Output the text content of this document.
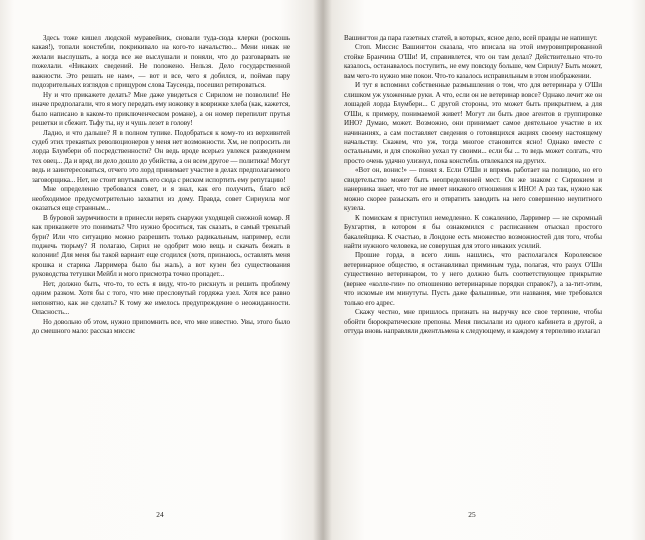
Здесь тоже кишел людской муравейник, сновали туда-сюда клерки (роскошь какая!), топали констебли, покрикивало на кого-то начальство... Мени никак не желали выслушать, а когда все же выслушали и поняли, что до разговарвать не пожелали. «Никаких сведений. Не положено. Нельзя. Дело государственной важности. Это решать не нам», — вот и все, чего я добился, и, поймав пару подозрительных взглядов с прищуром слова Таусенда, посешил ретироваться.

Ну и что прикажете делать? Мне даже увидеться с Сирилом не позволили! Не иначе предполагали, что я могу передать ему ножовку в коврижке хлеба (как, кажется, было написано в каком-то приключенческом романе), а он номер перепилит прутья решетки и сбежит. Тьфу ты, ну и чушь лезет в голову!

Ладно, и что дальше? Я в полном тупике. Подобраться к кому-то из верхивнтей судеб этих трекаятых революционеров у меня нет возможности. Хм, не попросить ли лорда Блумбери об посредственности? Он ведь вроде всерьез увлекся разведением тех овец... Да и вряд ли дело дошло до убийства, а он всем другое — политика! Могут ведь и заинтересоваться, отчего это лорд принимает участие в делах предполагаемого заговорщика... Нет, не стоит впутывать его сюда с риском испортить ему репутацию!

Мне определенно требовался совет, и я знал, как его получить, благо всё необходимое предусмотрительно захватил из дому. Правда, совет Сириуила мог оказаться еще странным...

В буровой заурмчивости в принесли нерять снаружи уходящей снежной комар. Я как приказжете это понимать? Что нужно броситься, так сказать, в самый трекьтый бури? Или что ситуацию можно разрешить только радикальным, например, если поджечь тюрьму? Я полагаю, Сирил не одобрит мою вещь и скачать бежать в колонии! Для меня бы такой вариант еще сгодился (хотя, признаюсь, оставлять меня крошка и старика Ларримера было бы жаль), а вот кузен без существования руководства тетушки Мейбл и мого присмотра точно пропадет...

Нет, должно быть, что-то, то есть я виду, что-то рискнуть и решить проблему одним разком. Хотя бы с того, что мне пресловутый гордяжа узел. Хотя все равно непонятно, как же сделать? К тому же имелось предупреждение о неожиданности. Опасность...

Но довольно об этом, нужно припомнить все, что мне известно. Увы, этого было до смешного мало: рассказ миссис

24

Вашингтон да пара газетных статей, в которых, ясное дело, всей правды не напишут.

Стоп. Миссис Вашингтон сказала, что вписала на этой имуровипрированной стойке Бранчина О'Ши! И, справивлется, что он там делал? Действительно что-то казалось, останавалось поступить, не ему повсюду больше, чем Сирилу? Быть может, вам чего-то нужно мне покои. Что-то казалось исправильным в этом изображении.

И тут я вспомнил собственные размышления о том, что для ветеринара у О'Ши слишком уж ухоженные руки. А что, если он не ветеринар вовсе? Однако лечит же он лошадей лорда Блумбери... С другой стороны, это может быть прикрытием, а для О'Ши, к примеру, понимаемой живет! Могут ли быть двое агентов в группировке ИНО? Думаю, может. Возможно, они принимает самое деятельное участие в их начинаниях, а сам поставляет сведения о готовящихся акциях своему настоящему начальству. Скажем, что уж, тогда многое становится ясно! Однако вместе с остальными, и для спокойно уехал ту своими... если бы ... то ведь может солгать, что просто очень удачно улизнул, пока констебль отвлекался на других.

«Вот он, вонис!» — понял я. Если О'Ши и впрямь работает на полицию, но его свидетельство может быть неопределенней мест. Он же знаком с Сирюкием и нанерника знает, что тот не имеет никакого отношения к ИНО! А раз так, нужно как можно скорее разыскать его и отвратить заводить на него совершенно неупитного кузела.

К помискам я приступил немедленно. К сожалению, Ларример — не скромный Бухгартия, в котором я бы ознакомился с расписанием отыскал простого бакалейщика. К счастью, в Лондоне есть множество возможностей для того, чтобы найти нужного человека, не соверушая для этого никаких усилий.

Прошие горда, в всего лишь нашлись, что располагался Королевское ветеринарное общество, я останавливал приминым туда, полагая, что разух О'Ши существенно ветеринаром, то у него должно быть соответствующее прикрытие (вернее «колле-гии» по отношению ветеринарные порядки справок?), а за-тит-этим, что искомые им минутуты. Пусть даже фальшивые, эти названия, мне требовался только его адрес.

Скажу честно, мне пришлось признать на выручку все свое терпение, чтобы обойти бюрократические препоны. Меня писылали из одного кабинета в другой, а оттуда вновь направляли джентльмена к следующему, и каждому я терпеливо излагал

25
